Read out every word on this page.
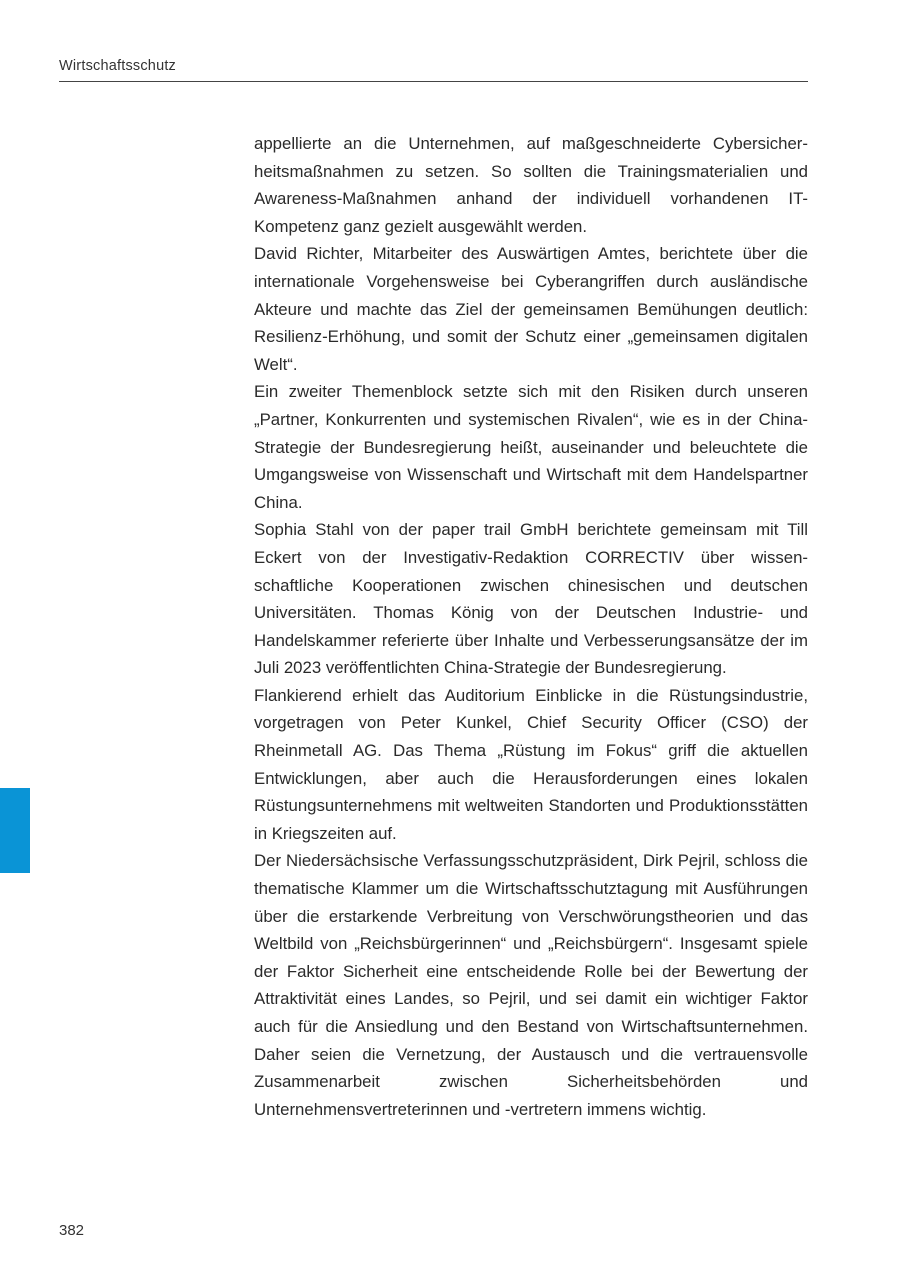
Wirtschaftsschutz

appellierte an die Unternehmen, auf maßgeschneiderte Cybersicherheitsmaßnahmen zu setzen. So sollten die Trainingsmaterialien und Awareness-Maßnahmen anhand der individuell vorhandenen IT-Kompetenz ganz gezielt ausgewählt werden.

David Richter, Mitarbeiter des Auswärtigen Amtes, berichtete über die internationale Vorgehensweise bei Cyberangriffen durch ausländische Akteure und machte das Ziel der gemeinsamen Bemühungen deutlich: Resilienz-Erhöhung, und somit der Schutz einer „gemeinsamen digitalen Welt“.

Ein zweiter Themenblock setzte sich mit den Risiken durch unseren „Partner, Konkurrenten und systemischen Rivalen“, wie es in der China-Strategie der Bundesregierung heißt, auseinander und beleuchtete die Umgangsweise von Wissenschaft und Wirtschaft mit dem Handelspartner China.

Sophia Stahl von der paper trail GmbH berichtete gemeinsam mit Till Eckert von der Investigativ-Redaktion CORRECTIV über wissenschaftliche Kooperationen zwischen chinesischen und deutschen Universitäten. Thomas König von der Deutschen Industrie- und Handelskammer referierte über Inhalte und Verbesserungsansätze der im Juli 2023 veröffentlichten China-Strategie der Bundesregierung.

Flankierend erhielt das Auditorium Einblicke in die Rüstungsindustrie, vorgetragen von Peter Kunkel, Chief Security Officer (CSO) der Rheinmetall AG. Das Thema „Rüstung im Fokus“ griff die aktuellen Entwicklungen, aber auch die Herausforderungen eines lokalen Rüstungsunternehmens mit weltweiten Standorten und Produktionsstätten in Kriegszeiten auf.

Der Niedersächsische Verfassungsschutzpräsident, Dirk Pejril, schloss die thematische Klammer um die Wirtschaftsschutztagung mit Ausführungen über die erstarkende Verbreitung von Verschwörungstheorien und das Weltbild von „Reichsbürgerinnen“ und „Reichsbürgern“. Insgesamt spiele der Faktor Sicherheit eine entscheidende Rolle bei der Bewertung der Attraktivität eines Landes, so Pejril, und sei damit ein wichtiger Faktor auch für die Ansiedlung und den Bestand von Wirtschaftsunternehmen. Daher seien die Vernetzung, der Austausch und die vertrauensvolle Zusammenarbeit zwischen Sicherheitsbehörden und Unternehmensvertreterinnen und -vertretern immens wichtig.

382
